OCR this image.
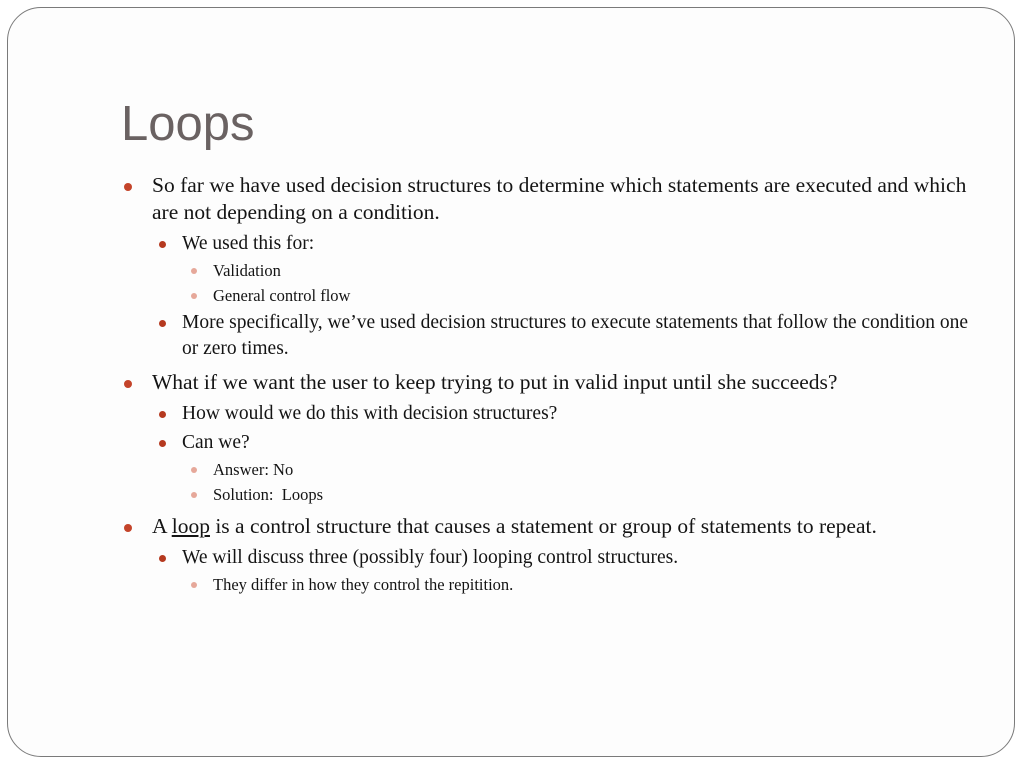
Loops

So far we have used decision structures to determine which statements are executed and which are not depending on a condition.

We used this for:

Validation

General control flow

More specifically, we’ve used decision structures to execute statements that follow the condition one or zero times.

What if we want the user to keep trying to put in valid input until she succeeds?

How would we do this with decision structures?

Can we?

Answer: No

Solution:  Loops

A loop is a control structure that causes a statement or group of statements to repeat.

We will discuss three (possibly four) looping control structures.

They differ in how they control the repitition.
